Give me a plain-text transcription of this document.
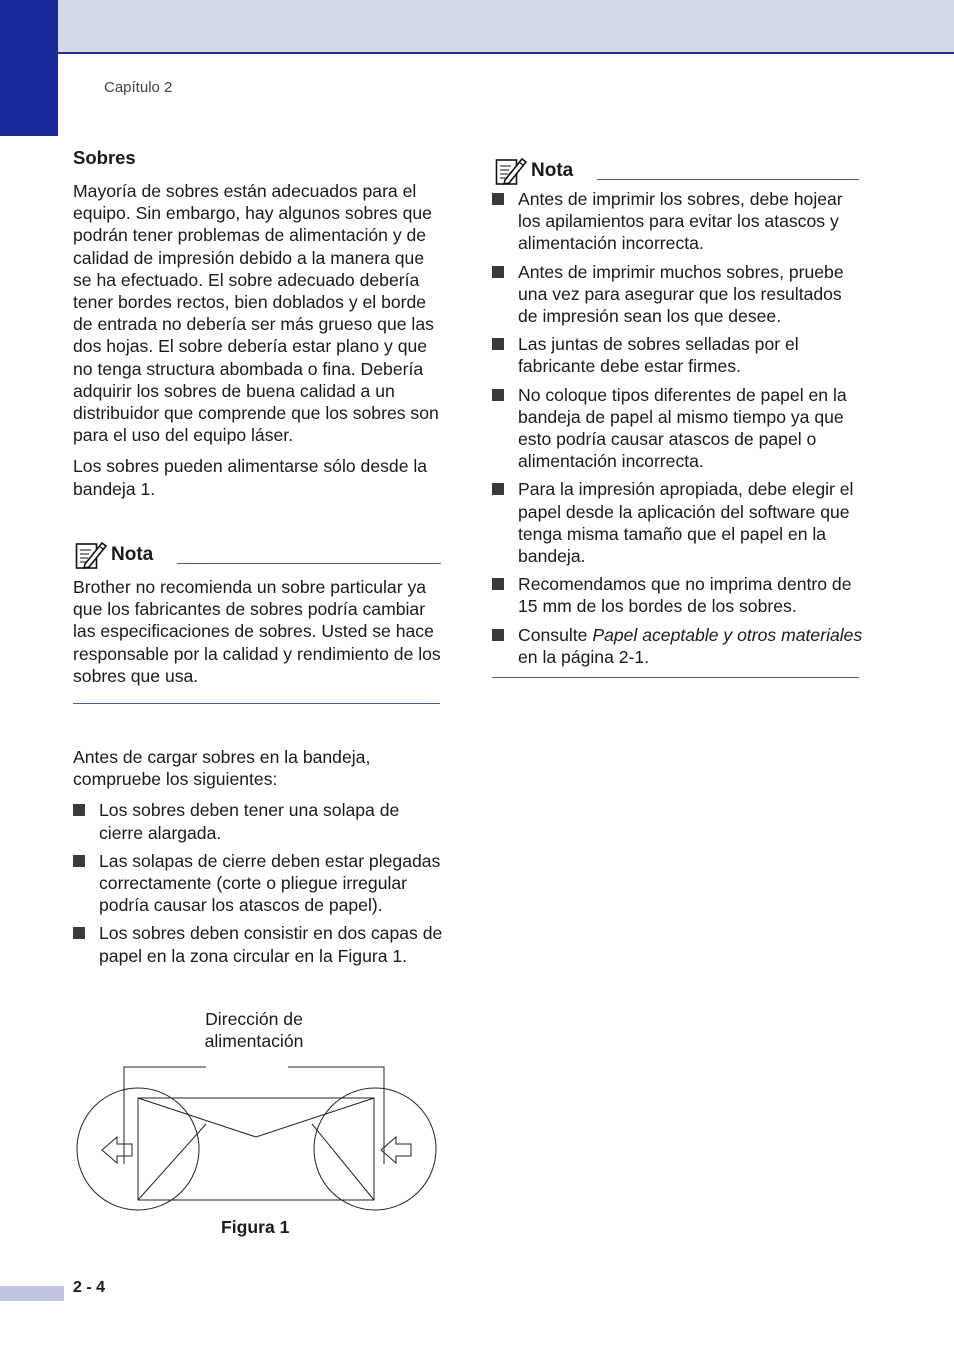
Capítulo 2
Sobres

Mayoría de sobres están adecuados para el equipo. Sin embargo, hay algunos sobres que podrán tener problemas de alimentación y de calidad de impresión debido a la manera que se ha efectuado. El sobre adecuado debería tener bordes rectos, bien doblados y el borde de entrada no debería ser más grueso que las dos hojas. El sobre debería estar plano y que no tenga structura abombada o fina. Debería adquirir los sobres de buena calidad a un distribuidor que comprende que los sobres son para el uso del equipo láser.

Los sobres pueden alimentarse sólo desde la bandeja 1.

Nota

Brother no recomienda un sobre particular ya que los fabricantes de sobres podría cambiar las especificaciones de sobres. Usted se hace responsable por la calidad y rendimiento de los sobres que usa.

Antes de cargar sobres en la bandeja, compruebe los siguientes:

Los sobres deben tener una solapa de cierre alargada.
Las solapas de cierre deben estar plegadas correctamente (corte o pliegue irregular podría causar los atascos de papel).
Los sobres deben consistir en dos capas de papel en la zona circular en la Figura 1.
Dirección de
alimentación
Figura 1
Nota
Antes de imprimir los sobres, debe hojear los apilamientos para evitar los atascos y alimentación incorrecta.
Antes de imprimir muchos sobres, pruebe una vez para asegurar que los resultados de impresión sean los que desee.
Las juntas de sobres selladas por el fabricante debe estar firmes.
No coloque tipos diferentes de papel en la bandeja de papel al mismo tiempo ya que esto podría causar atascos de papel o alimentación incorrecta.
Para la impresión apropiada, debe elegir el papel desde la aplicación del software que tenga misma tamaño que el papel en la bandeja.
Recomendamos que no imprima dentro de 15 mm de los bordes de los sobres.
Consulte Papel aceptable y otros materiales en la página 2-1.
2 - 4
